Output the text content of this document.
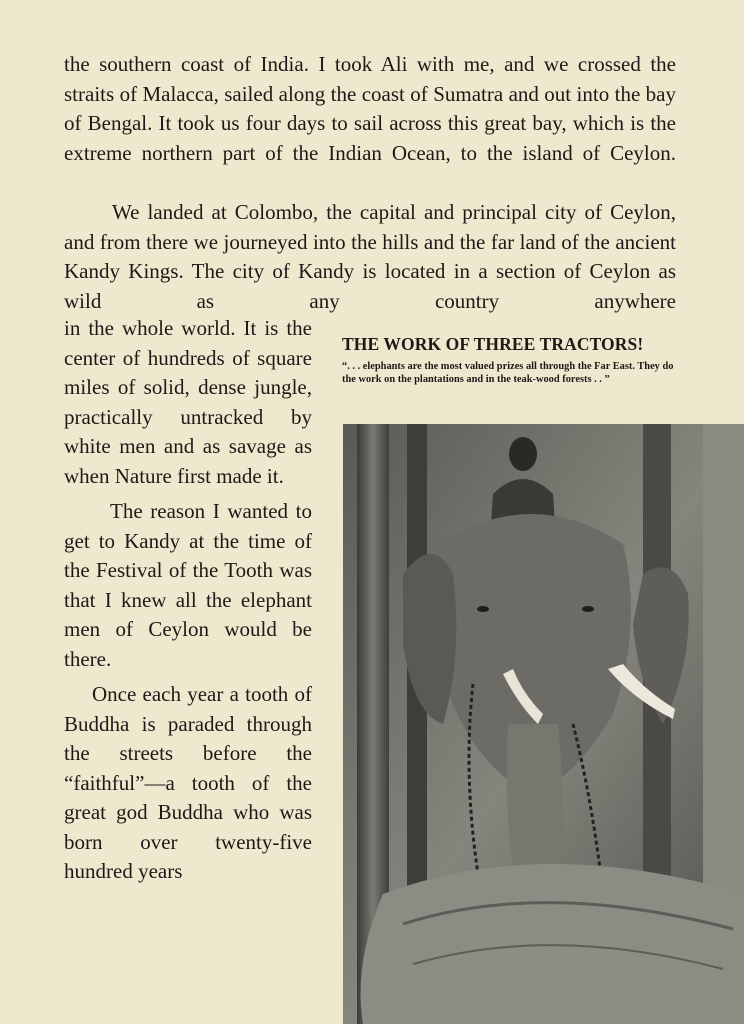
the southern coast of India. I took Ali with me, and we crossed the straits of Malacca, sailed along the coast of Sumatra and out into the bay of Bengal. It took us four days to sail across this great bay, which is the extreme northern part of the Indian Ocean, to the island of Ceylon.

We landed at Colombo, the capital and principal city of Ceylon, and from there we journeyed into the hills and the far land of the ancient Kandy Kings. The city of Kandy is located in a section of Ceylon as wild as any country anywhere

in the whole world. It is the center of hundreds of square miles of solid, dense jungle, practically untracked by white men and as savage as when Nature first made it.

The reason I wanted to get to Kandy at the time of the Festival of the Tooth was that I knew all the elephant men of Ceylon would be there.

Once each year a tooth of Buddha is paraded through the streets before the “faithful”—a tooth of the great god Buddha who was born over twenty-five hundred years

THE WORK OF THREE TRACTORS!

“. . . elephants are the most valued prizes all through the Far East. They do the work on the plantations and in the teak-wood forests . . ”
